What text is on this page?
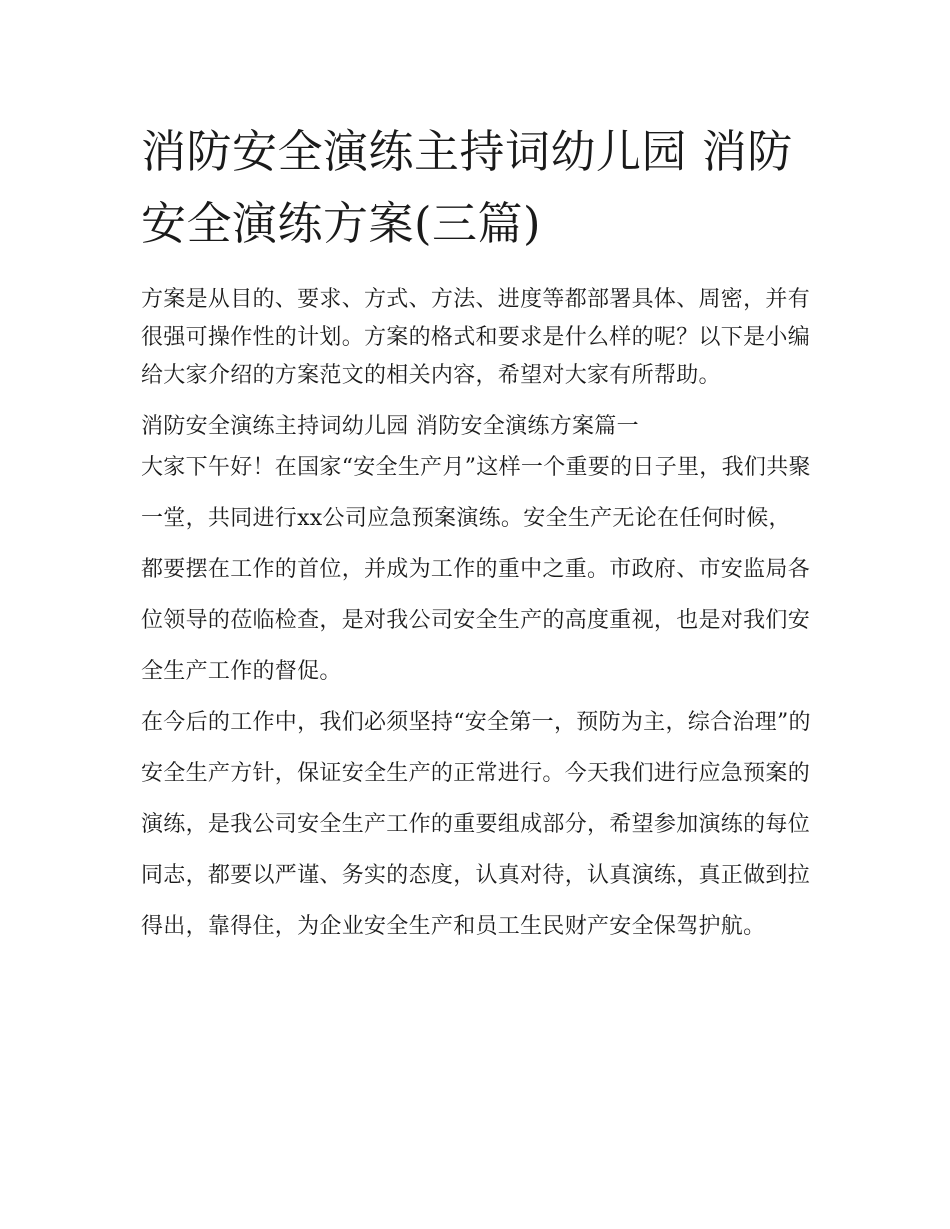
消防安全演练主持词幼儿园 消防安全演练方案(三篇)

方案是从目的、要求、方式、方法、进度等都部署具体、周密，并有很强可操作性的计划。方案的格式和要求是什么样的呢？以下是小编给大家介绍的方案范文的相关内容，希望对大家有所帮助。

消防安全演练主持词幼儿园 消防安全演练方案篇一

大家下午好！在国家“安全生产月”这样一个重要的日子里，我们共聚一堂，共同进行xx公司应急预案演练。安全生产无论在任何时候，都要摆在工作的首位，并成为工作的重中之重。市政府、市安监局各位领导的莅临检查，是对我公司安全生产的高度重视，也是对我们安全生产工作的督促。

在今后的工作中，我们必须坚持“安全第一，预防为主，综合治理”的安全生产方针，保证安全生产的正常进行。今天我们进行应急预案的演练，是我公司安全生产工作的重要组成部分，希望参加演练的每位同志，都要以严谨、务实的态度，认真对待，认真演练，真正做到拉得出，靠得住，为企业安全生产和员工生民财产安全保驾护航。
